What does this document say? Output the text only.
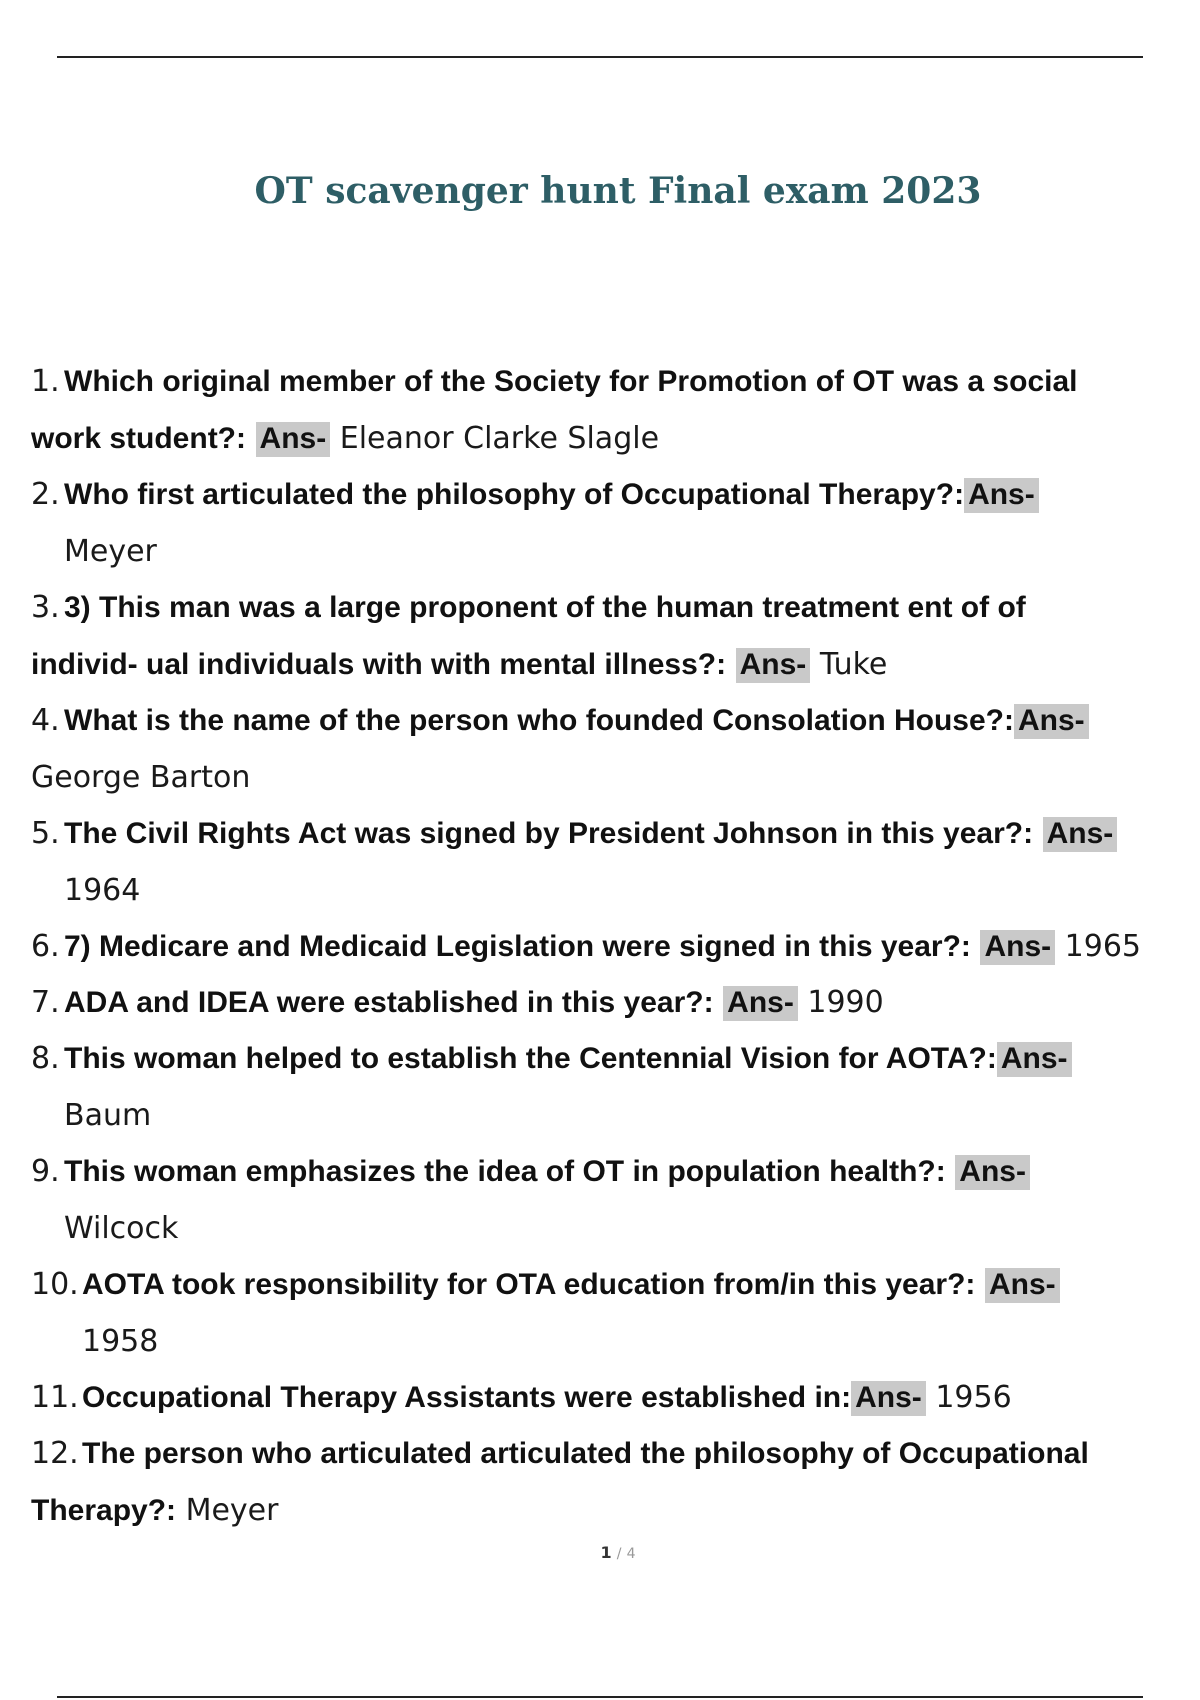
OT scavenger hunt Final exam 2023
1. Which original member of the Society for Promotion of OT was a social
work student?: Ans- Eleanor Clarke Slagle
2. Who first articulated the philosophy of Occupational Therapy?: Ans-
Meyer
3. 3) This man was a large proponent of the human treatment ent of of
individ- ual individuals with with mental illness?: Ans- Tuke
4. What is the name of the person who founded Consolation House?: Ans-
George Barton
5. The Civil Rights Act was signed by President Johnson in this year?: Ans-
1964
6. 7) Medicare and Medicaid Legislation were signed in this year?: Ans- 1965
7. ADA and IDEA were established in this year?: Ans- 1990
8. This woman helped to establish the Centennial Vision for AOTA?: Ans-
Baum
9. This woman emphasizes the idea of OT in population health?: Ans-
Wilcock
10. AOTA took responsibility for OTA education from/in this year?: Ans-
1958
11. Occupational Therapy Assistants were established in: Ans- 1956
12. The person who articulated articulated the philosophy of Occupational
Therapy?: Meyer
1 / 4
